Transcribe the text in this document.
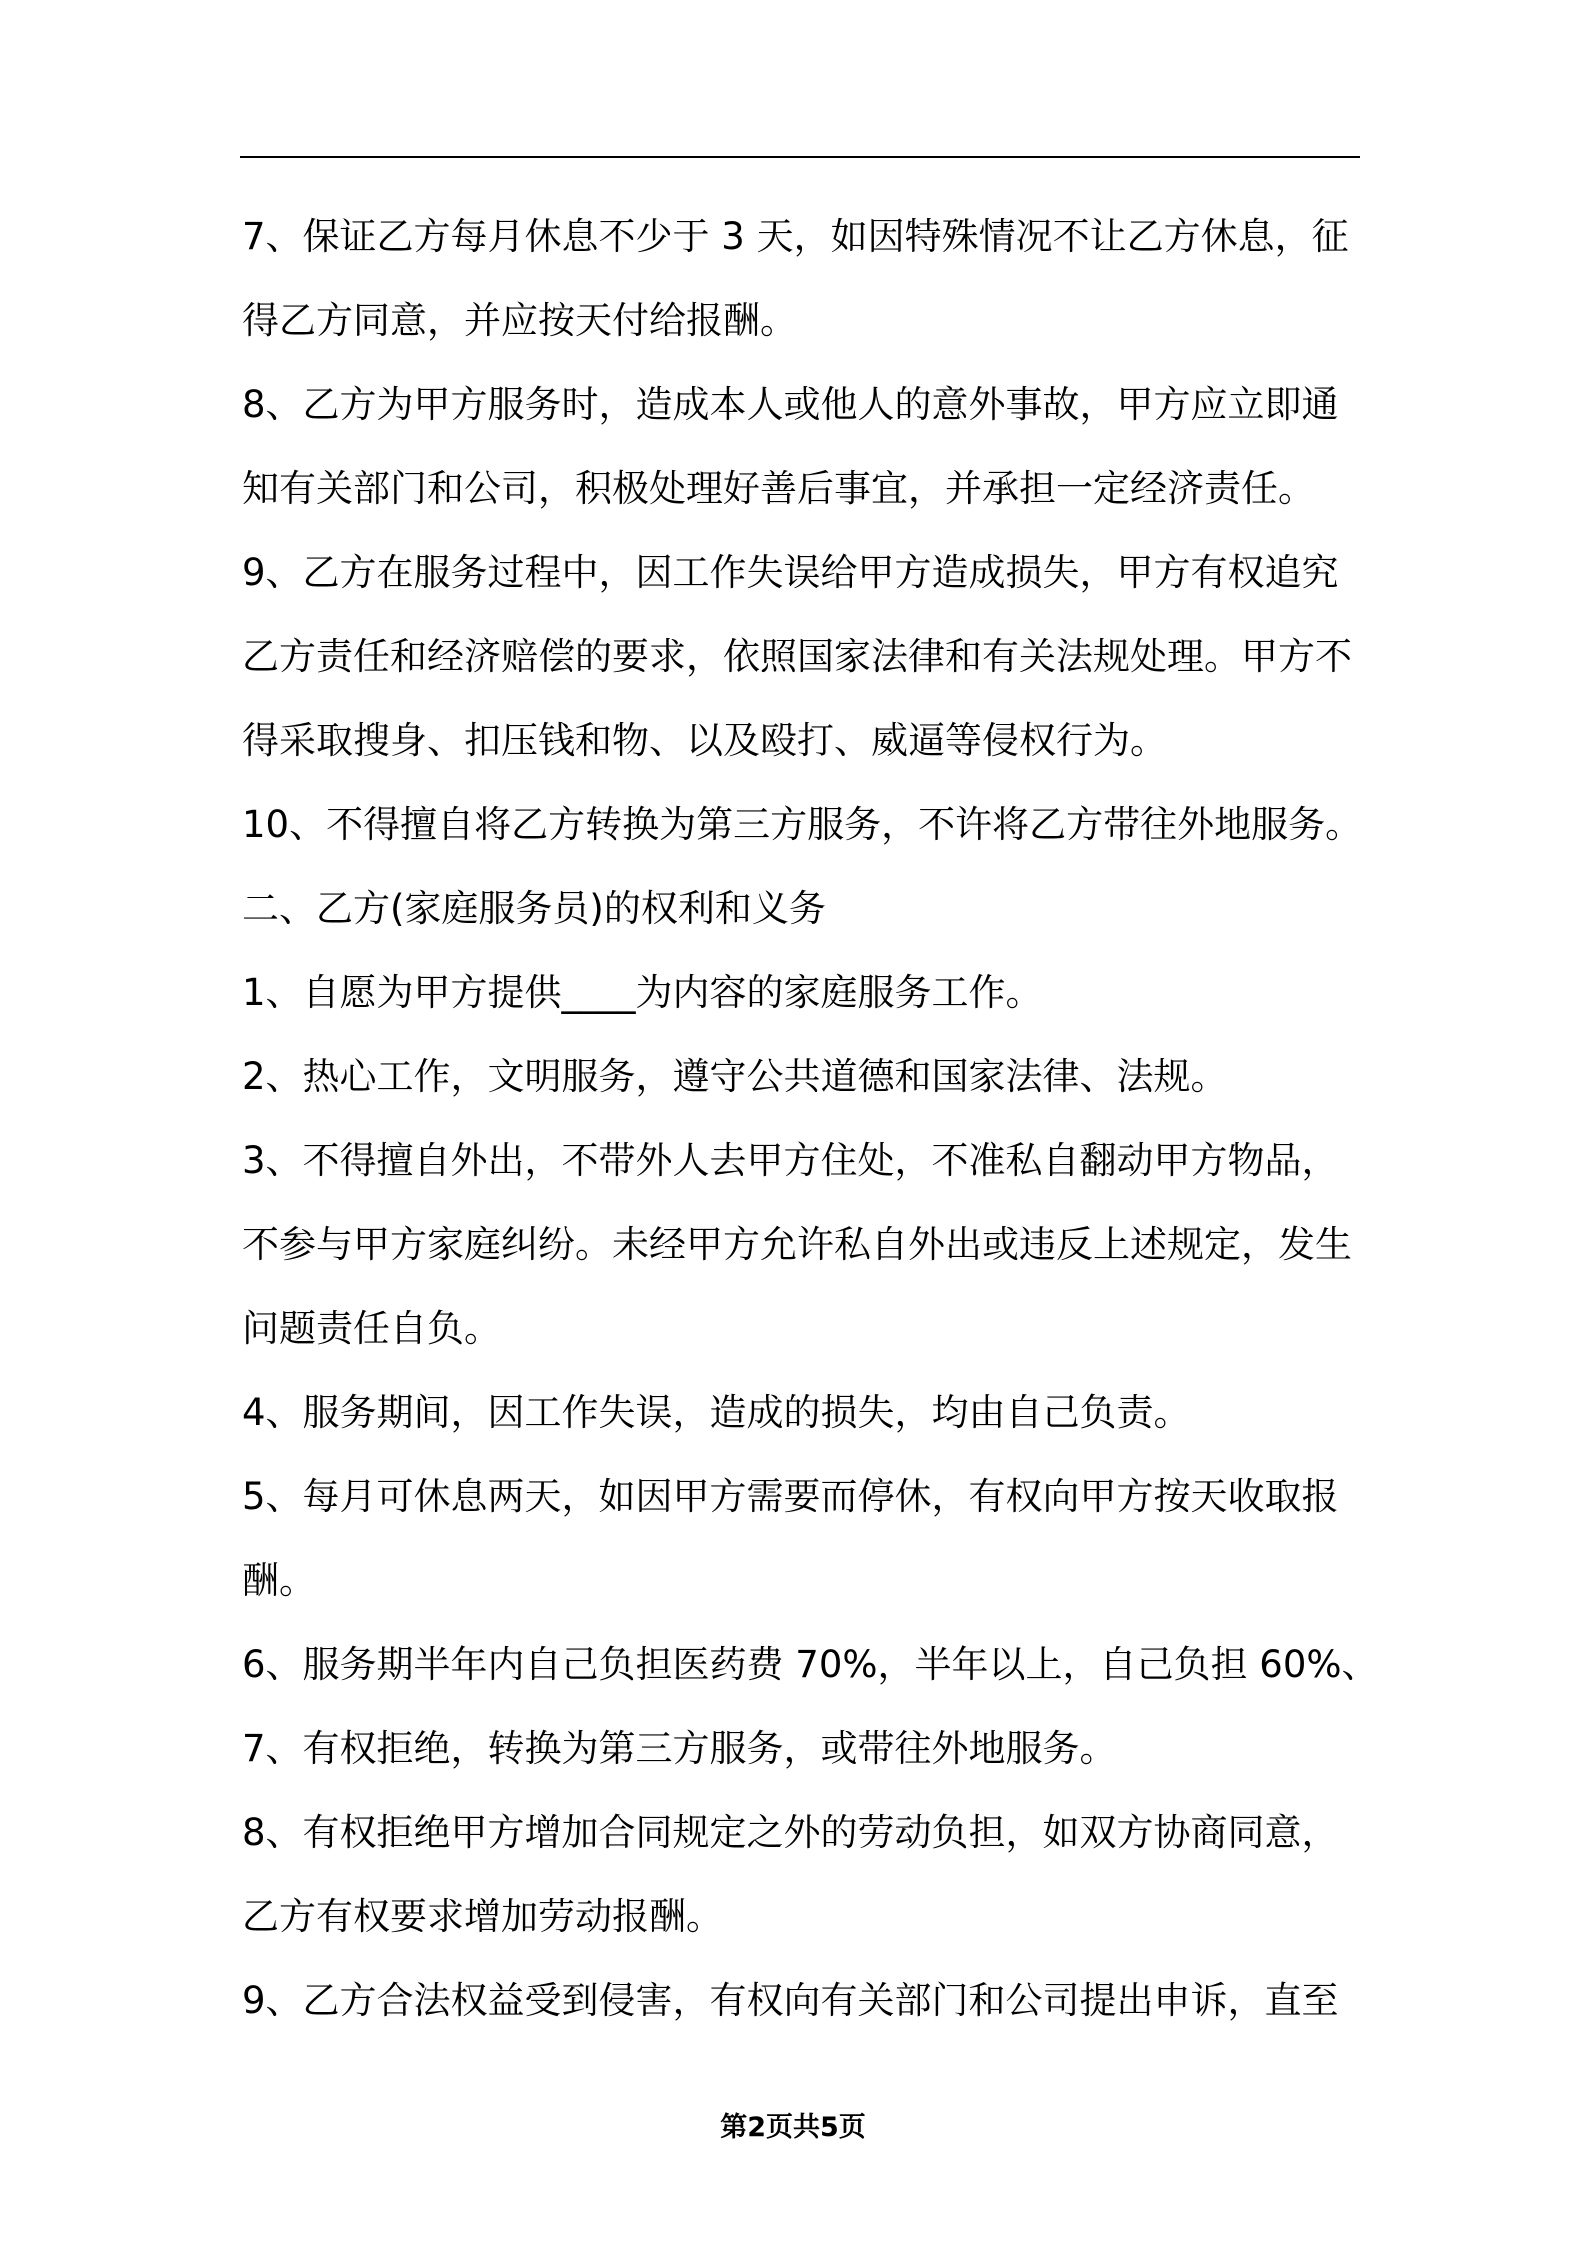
7、保证乙方每月休息不少于 3 天，如因特殊情况不让乙方休息，征
得乙方同意，并应按天付给报酬。
8、乙方为甲方服务时，造成本人或他人的意外事故，甲方应立即通
知有关部门和公司，积极处理好善后事宜，并承担一定经济责任。
9、乙方在服务过程中，因工作失误给甲方造成损失，甲方有权追究
乙方责任和经济赔偿的要求，依照国家法律和有关法规处理。甲方不
得采取搜身、扣压钱和物、以及殴打、威逼等侵权行为。
10、不得擅自将乙方转换为第三方服务，不许将乙方带往外地服务。
二、乙方(家庭服务员)的权利和义务
1、自愿为甲方提供____为内容的家庭服务工作。
2、热心工作，文明服务，遵守公共道德和国家法律、法规。
3、不得擅自外出，不带外人去甲方住处，不准私自翻动甲方物品，
不参与甲方家庭纠纷。未经甲方允许私自外出或违反上述规定，发生
问题责任自负。
4、服务期间，因工作失误，造成的损失，均由自己负责。
5、每月可休息两天，如因甲方需要而停休，有权向甲方按天收取报
酬。
6、服务期半年内自己负担医药费 70%，半年以上，自己负担 60%、
7、有权拒绝，转换为第三方服务，或带往外地服务。
8、有权拒绝甲方增加合同规定之外的劳动负担，如双方协商同意，
乙方有权要求增加劳动报酬。
9、乙方合法权益受到侵害，有权向有关部门和公司提出申诉，直至
第2页共5页
